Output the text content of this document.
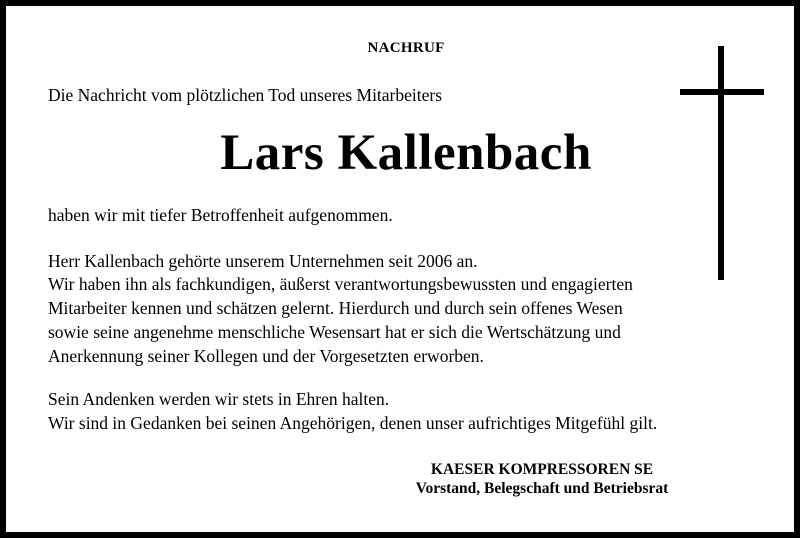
NACHRUF
Die Nachricht vom plötzlichen Tod unseres Mitarbeiters
Lars Kallenbach
haben wir mit tiefer Betroffenheit aufgenommen.
Herr Kallenbach gehörte unserem Unternehmen seit 2006 an.
Wir haben ihn als fachkundigen, äußerst verantwortungsbewussten und engagierten
Mitarbeiter kennen und schätzen gelernt. Hierdurch und durch sein offenes Wesen
sowie seine angenehme menschliche Wesensart hat er sich die Wertschätzung und
Anerkennung seiner Kollegen und der Vorgesetzten erworben.
Sein Andenken werden wir stets in Ehren halten.
Wir sind in Gedanken bei seinen Angehörigen, denen unser aufrichtiges Mitgefühl gilt.
KAESER KOMPRESSOREN SE
Vorstand, Belegschaft und Betriebsrat
